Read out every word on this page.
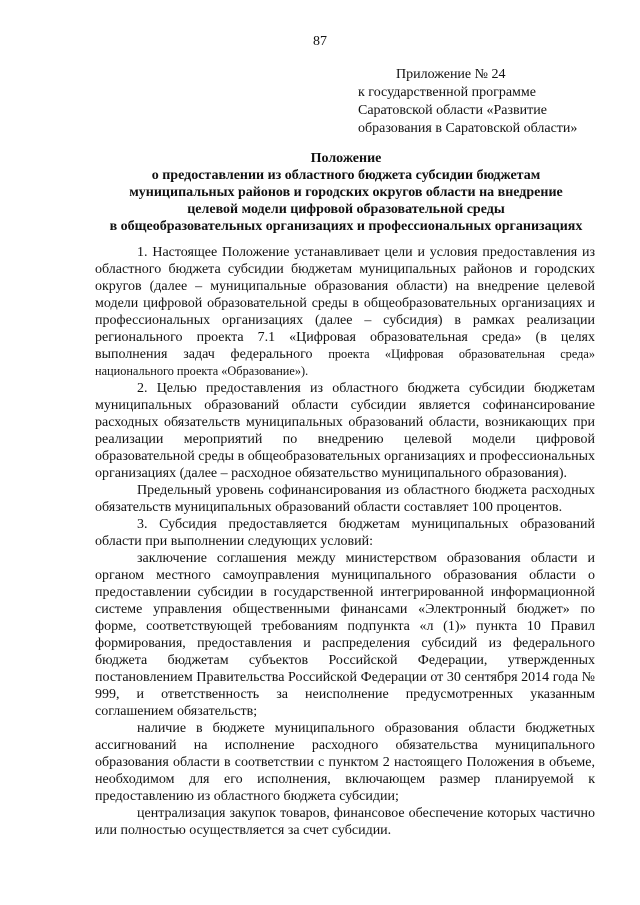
87
Приложение № 24
к государственной программе
Саратовской области «Развитие
образования в Саратовской области»
Положение
о предоставлении из областного бюджета субсидии бюджетам
муниципальных районов и городских округов области на внедрение
целевой модели цифровой образовательной среды
в общеобразовательных организациях и профессиональных организациях

1. Настоящее Положение устанавливает цели и условия предоставления из областного бюджета субсидии бюджетам муниципальных районов и городских округов (далее – муниципальные образования области) на внедрение целевой модели цифровой образовательной среды в общеобразовательных организациях и профессиональных организациях (далее – субсидия) в рамках реализации регионального проекта 7.1 «Цифровая образовательная среда» (в целях выполнения задач федерального проекта «Цифровая образовательная среда» национального проекта «Образование»).

2. Целью предоставления из областного бюджета субсидии бюджетам муниципальных образований области субсидии является софинансирование расходных обязательств муниципальных образований области, возникающих при реализации мероприятий по внедрению целевой модели цифровой образовательной среды в общеобразовательных организациях и профессиональных организациях (далее – расходное обязательство муниципального образования).

Предельный уровень софинансирования из областного бюджета расходных обязательств муниципальных образований области составляет 100 процентов.

3. Субсидия предоставляется бюджетам муниципальных образований области при выполнении следующих условий:

заключение соглашения между министерством образования области и органом местного самоуправления муниципального образования области о предоставлении субсидии в государственной интегрированной информационной системе управления общественными финансами «Электронный бюджет» по форме, соответствующей требованиям подпункта «л (1)» пункта 10 Правил формирования, предоставления и распределения субсидий из федерального бюджета бюджетам субъектов Российской Федерации, утвержденных постановлением Правительства Российской Федерации от 30 сентября 2014 года № 999, и ответственность за неисполнение предусмотренных указанным соглашением обязательств;

наличие в бюджете муниципального образования области бюджетных ассигнований на исполнение расходного обязательства муниципального образования области в соответствии с пунктом 2 настоящего Положения в объеме, необходимом для его исполнения, включающем размер планируемой к предоставлению из областного бюджета субсидии;

централизация закупок товаров, финансовое обеспечение которых частично или полностью осуществляется за счет субсидии.
